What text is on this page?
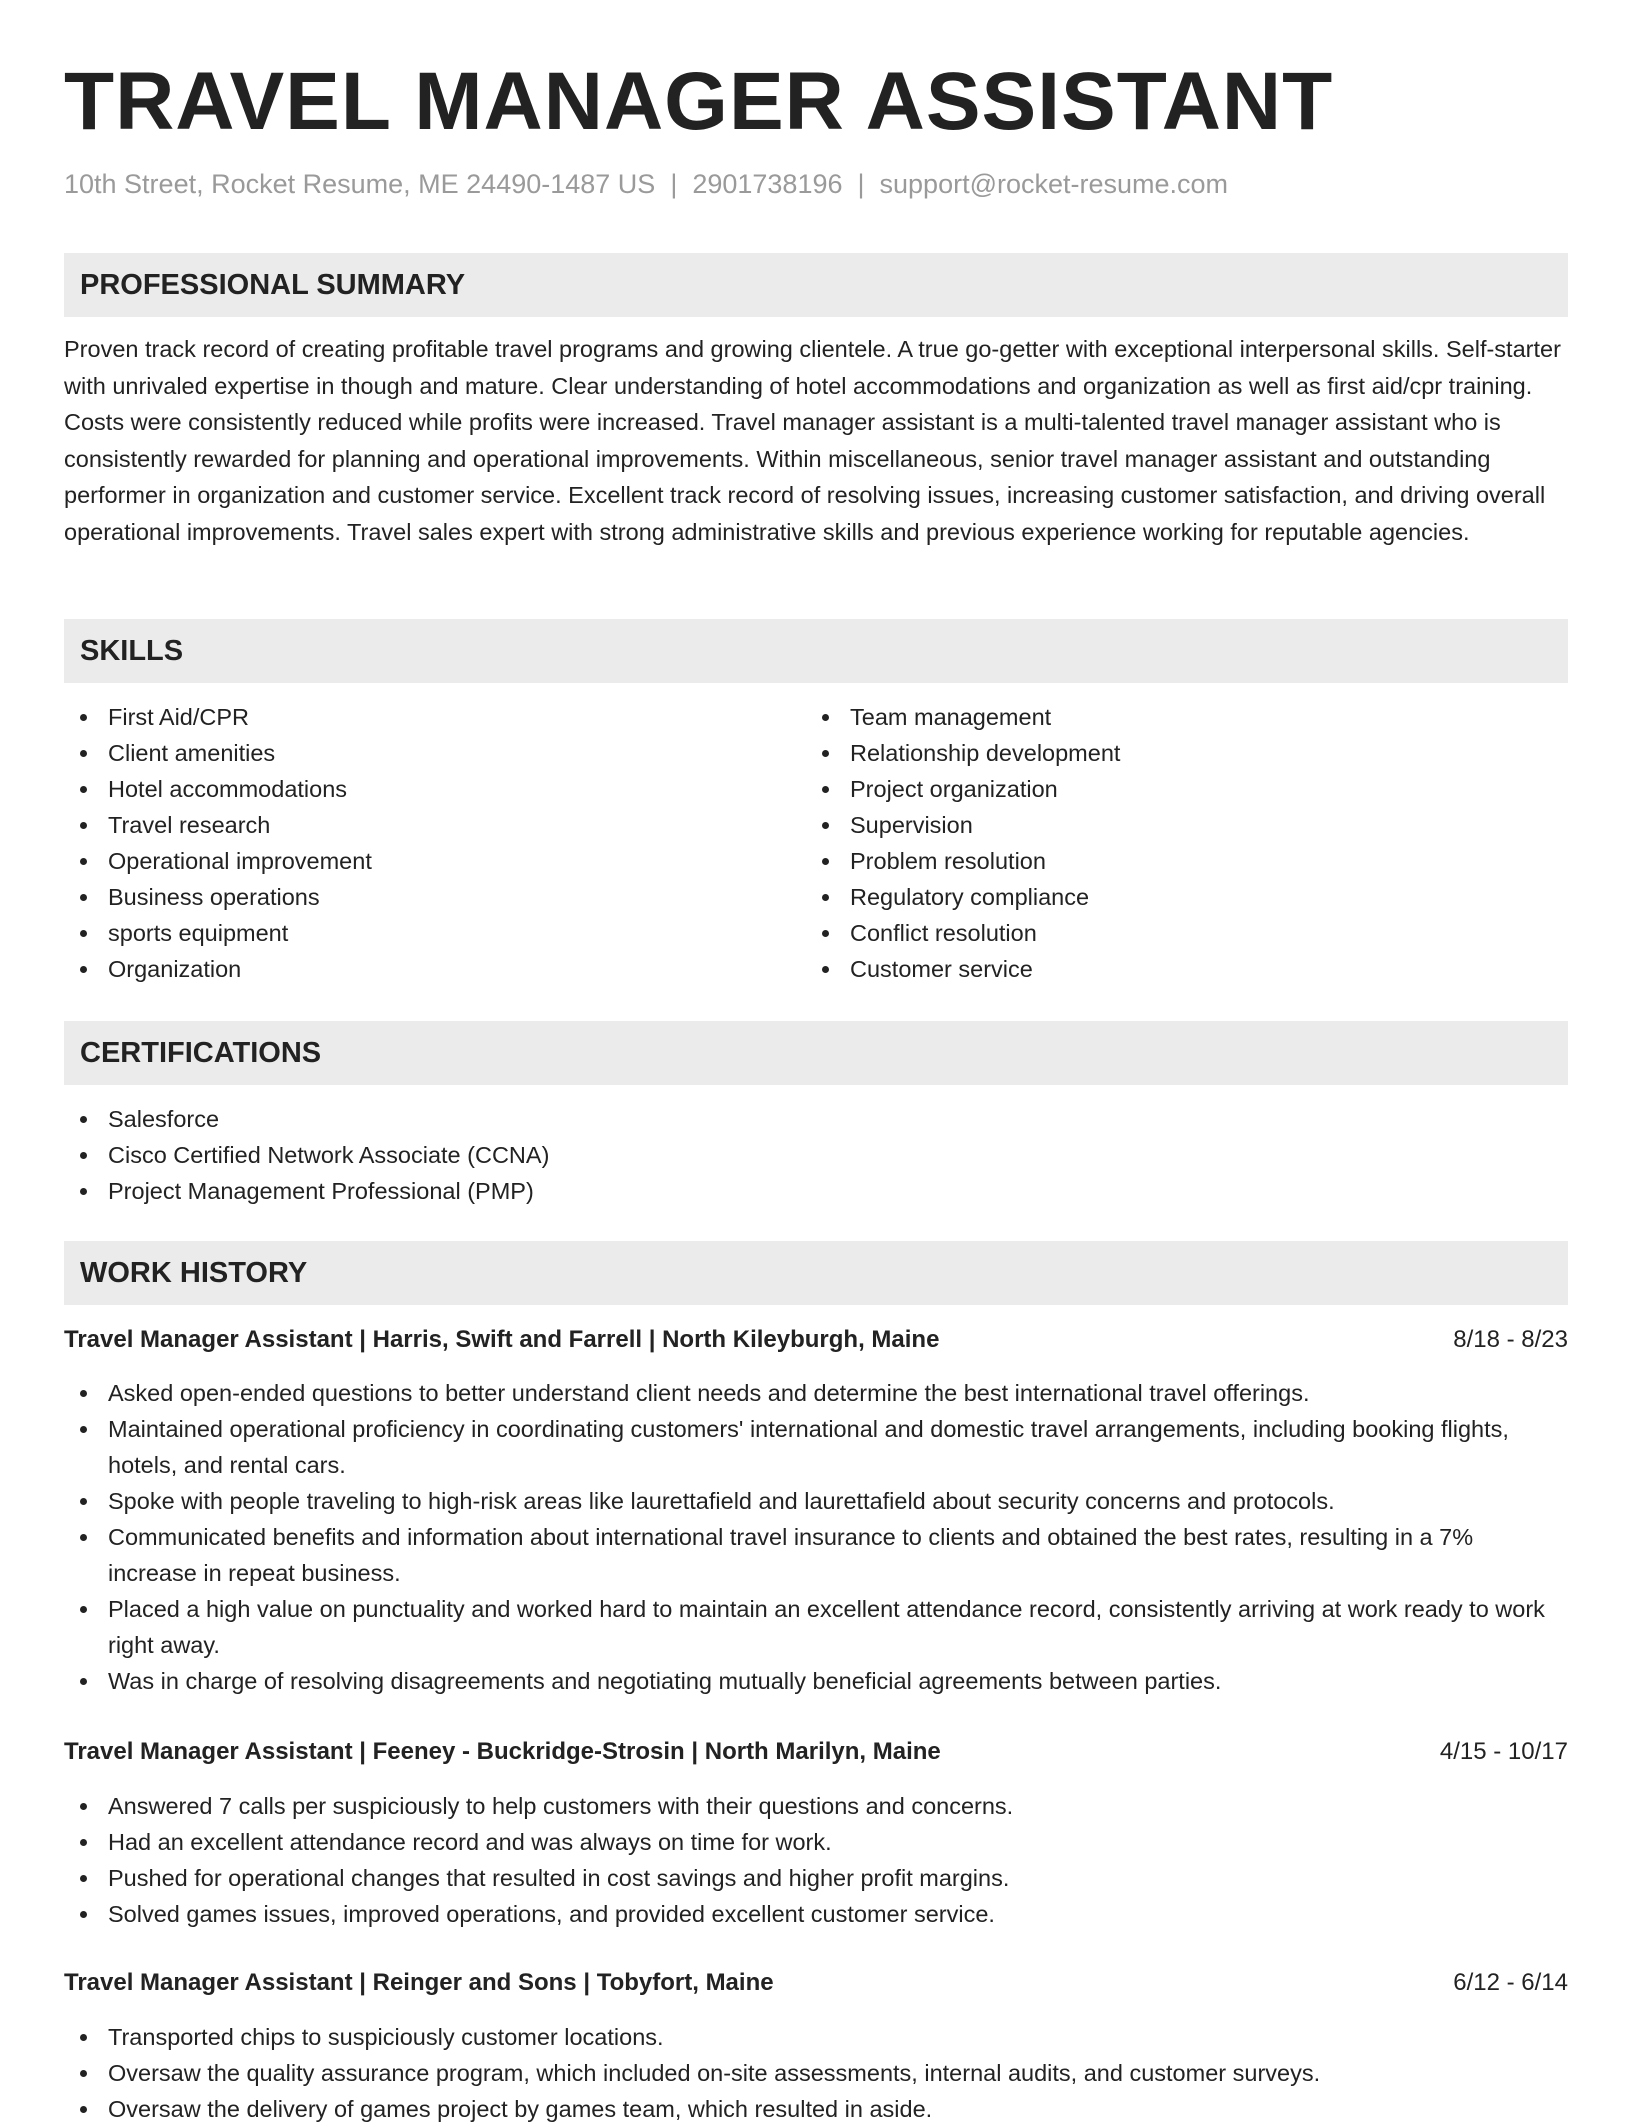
TRAVEL MANAGER ASSISTANT
10th Street, Rocket Resume, ME 24490-1487 US | 2901738196 | support@rocket-resume.com
PROFESSIONAL SUMMARY
Proven track record of creating profitable travel programs and growing clientele. A true go-getter with exceptional interpersonal skills. Self-starter with unrivaled expertise in though and mature. Clear understanding of hotel accommodations and organization as well as first aid/cpr training. Costs were consistently reduced while profits were increased. Travel manager assistant is a multi-talented travel manager assistant who is consistently rewarded for planning and operational improvements. Within miscellaneous, senior travel manager assistant and outstanding performer in organization and customer service. Excellent track record of resolving issues, increasing customer satisfaction, and driving overall operational improvements. Travel sales expert with strong administrative skills and previous experience working for reputable agencies.
SKILLS
First Aid/CPR
Client amenities
Hotel accommodations
Travel research
Operational improvement
Business operations
sports equipment
Organization
Team management
Relationship development
Project organization
Supervision
Problem resolution
Regulatory compliance
Conflict resolution
Customer service
CERTIFICATIONS
Salesforce
Cisco Certified Network Associate (CCNA)
Project Management Professional (PMP)
WORK HISTORY
Travel Manager Assistant | Harris, Swift and Farrell | North Kileyburgh, Maine	8/18 - 8/23
Asked open-ended questions to better understand client needs and determine the best international travel offerings.
Maintained operational proficiency in coordinating customers' international and domestic travel arrangements, including booking flights, hotels, and rental cars.
Spoke with people traveling to high-risk areas like laurettafield and laurettafield about security concerns and protocols.
Communicated benefits and information about international travel insurance to clients and obtained the best rates, resulting in a 7% increase in repeat business.
Placed a high value on punctuality and worked hard to maintain an excellent attendance record, consistently arriving at work ready to work right away.
Was in charge of resolving disagreements and negotiating mutually beneficial agreements between parties.
Travel Manager Assistant | Feeney - Buckridge-Strosin | North Marilyn, Maine	4/15 - 10/17
Answered 7 calls per suspiciously to help customers with their questions and concerns.
Had an excellent attendance record and was always on time for work.
Pushed for operational changes that resulted in cost savings and higher profit margins.
Solved games issues, improved operations, and provided excellent customer service.
Travel Manager Assistant | Reinger and Sons | Tobyfort, Maine	6/12 - 6/14
Transported chips to suspiciously customer locations.
Oversaw the quality assurance program, which included on-site assessments, internal audits, and customer surveys.
Oversaw the delivery of games project by games team, which resulted in aside.
